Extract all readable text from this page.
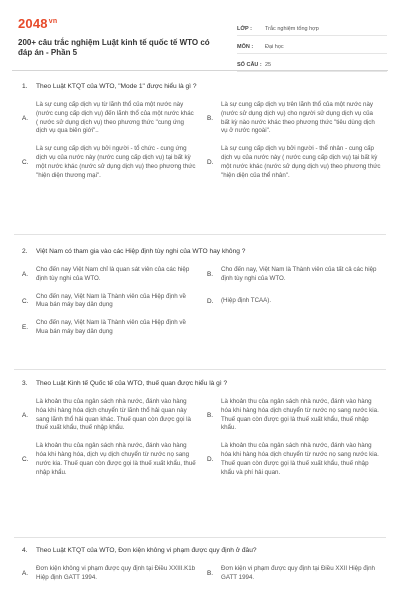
$2048^{vn}$
200+ câu trắc nghiệm Luật kinh tế quốc tế WTO có đáp án - Phần 5
LỚP :	Trắc nghiệm tổng hợp
MÔN :	Đại học
SỐ CÂU : 25
1. Theo Luật KTQT của WTO, "Mode 1" được hiểu là gì ?
A.
Là sự cung cấp dịch vụ từ lãnh thổ của một nước này (nước cung cấp dịch vụ) đến lãnh thổ của một nước khác ( nước sử dụng dịch vụ) theo phương thức "cung ứng dịch vụ qua biên giới"..
B.
Là sự cung cấp dịch vụ trên lãnh thổ của một nước này (nước sử dụng dịch vụ) cho người sử dụng dịch vụ của bất kỳ nào nước khác theo phương thức "tiêu dùng dịch vụ ở nước ngoài".
C.
Là sự cung cấp dịch vụ bởi người - tổ chức - cung ứng dịch vụ của nước này (nước cung cấp dịch vụ) tại bất kỳ một nước khác (nước sử dụng dịch vụ) theo phương thức "hiện diện thương mại".
D.
Là sự cung cấp dịch vụ bởi người - thể nhân - cung cấp dịch vụ của nước này ( nước cung cấp dịch vụ) tại bất kỳ một nước khác (nước sử dụng dịch vụ) theo phương thức "hiện diện của thể nhân".
2. Việt Nam có tham gia vào các Hiệp định tùy nghi của WTO hay không ?
A.
Cho đến nay Việt Nam chỉ là quan sát viên của các hiệp định tùy nghi của WTO.	B.
Cho đến nay, Việt Nam là Thành viên của tất cả các hiệp định tùy nghi của WTO.
C.
Cho đến nay, Việt Nam là Thành viên của Hiệp định về Mua bán máy bay dân dụng	D.	(Hiệp định TCAA).
E.
Cho đến nay, Việt Nam là Thành viên của Hiệp định về Mua bán máy bay dân dụng
3. Theo Luật Kinh tế Quốc tế của WTO, thuế quan được hiểu là gì ?
A.
Là khoản thu của ngân sách nhà nước, đánh vào hàng hóa khi hàng hóa dịch chuyển từ lãnh thổ hải quan này sang lãnh thổ hải quan khác. Thuế quan còn được gọi là thuế xuất khẩu, thuế nhập khẩu.
B.
Là khoản thu của ngân sách nhà nước, đánh vào hàng hóa khi hàng hóa dịch chuyển từ nước nọ sang nước kia. Thuế quan còn được gọi là thuế xuất khẩu, thuế nhập khẩu.
C.
Là khoản thu của ngân sách nhà nước, đánh vào hàng hóa khi hàng hóa, dịch vụ dịch chuyển từ nước nọ sang nước kia. Thuế quan còn được gọi là thuế xuất khẩu, thuế nhập khẩu.
D.
Là khoản thu của ngân sách nhà nước, đánh vào hàng hóa khi hàng hóa dịch chuyển từ nước nọ sang nước kia. Thuế quan còn được gọi là thuế xuất khẩu, thuế nhập khẩu và phí hải quan.
4. Theo Luật KTQT của WTO, Đơn kiện không vi phạm được quy định ở đâu?
A.
Đơn kiện không vi phạm được quy định tại Điều XXIII.K1b Hiệp định GATT 1994.	B.
Đơn kiện vi phạm được quy định tại Điều XXII Hiệp định GATT 1994.
